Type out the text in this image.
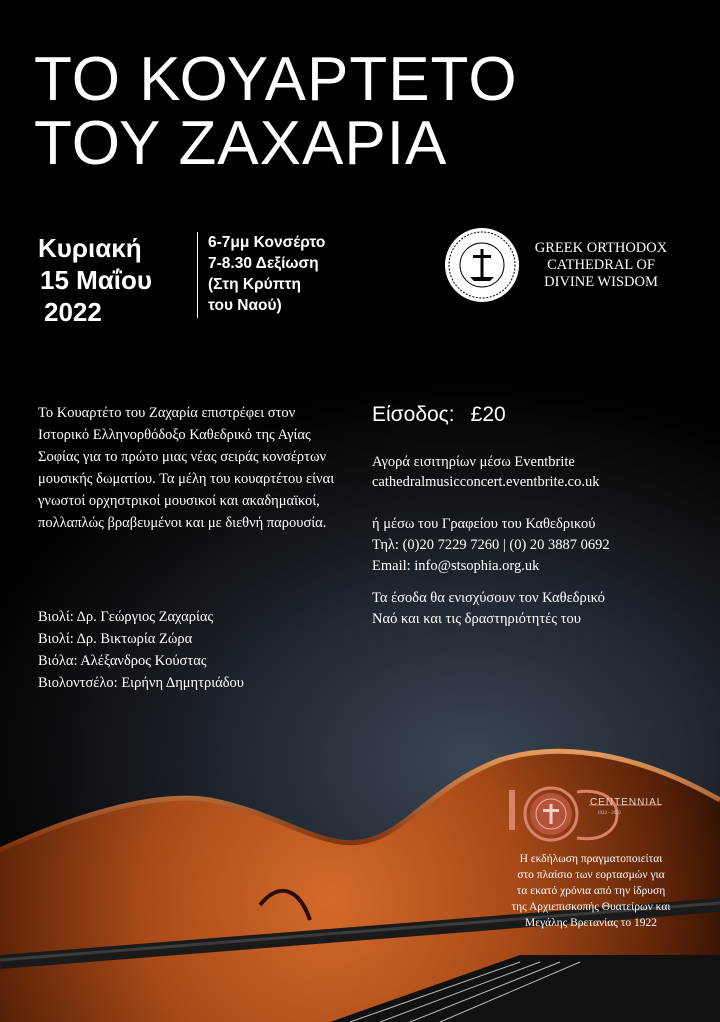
ΤΟ ΚΟΥΑΡΤΕΤΟ
ΤΟΥ ΖΑΧΑΡΙΑ
Κυριακή
15 Μαΐου
2022
6-7μμ Κονσέρτο
7-8.30 Δεξίωση
(Στη Κρύπτη
του Ναού)
GREEK ORTHODOX
CATHEDRAL OF
DIVINE WISDOM
Το Κουαρτέτο του Ζαχαρία επιστρέφει στον Ιστορικό Ελληνορθόδοξο Καθεδρικό της Αγίας Σοφίας για το πρώτο μιας νέας σειράς κονσέρτων μουσικής δωματίου. Τα μέλη του κουαρτέτου είναι γνωστοί ορχηστρικοί μουσικοί και ακαδημαϊκοί, πολλαπλώς βραβευμένοι και με διεθνή παρουσία.
Βιολί: Δρ. Γεώργιος Ζαχαρίας
Βιολί: Δρ. Βικτωρία Ζώρα
Βιόλα: Αλέξανδρος Κούστας
Βιολοντσέλο: Ειρήνη Δημητριάδου
Είσοδος: £20
Αγορά εισιτηρίων μέσω Eventbrite
cathedralmusicconcert.eventbrite.co.uk
ή μέσω του Γραφείου του Καθεδρικού
Τηλ: (0)20 7229 7260 | (0) 20 3887 0692
Email: info@stsophia.org.uk
Τα έσοδα θα ενισχύσουν τον Καθεδρικό
Ναό και και τις δραστηριότητές του
CENTENNIAL
1922 - 2022
Η εκδήλωση πραγματοποιείται
στο πλαίσιο των εορτασμών για
τα εκατό χρόνια από την ίδρυση
της Αρχιεπισκοπής Θυατείρων και
Μεγάλης Βρετανίας το 1922
